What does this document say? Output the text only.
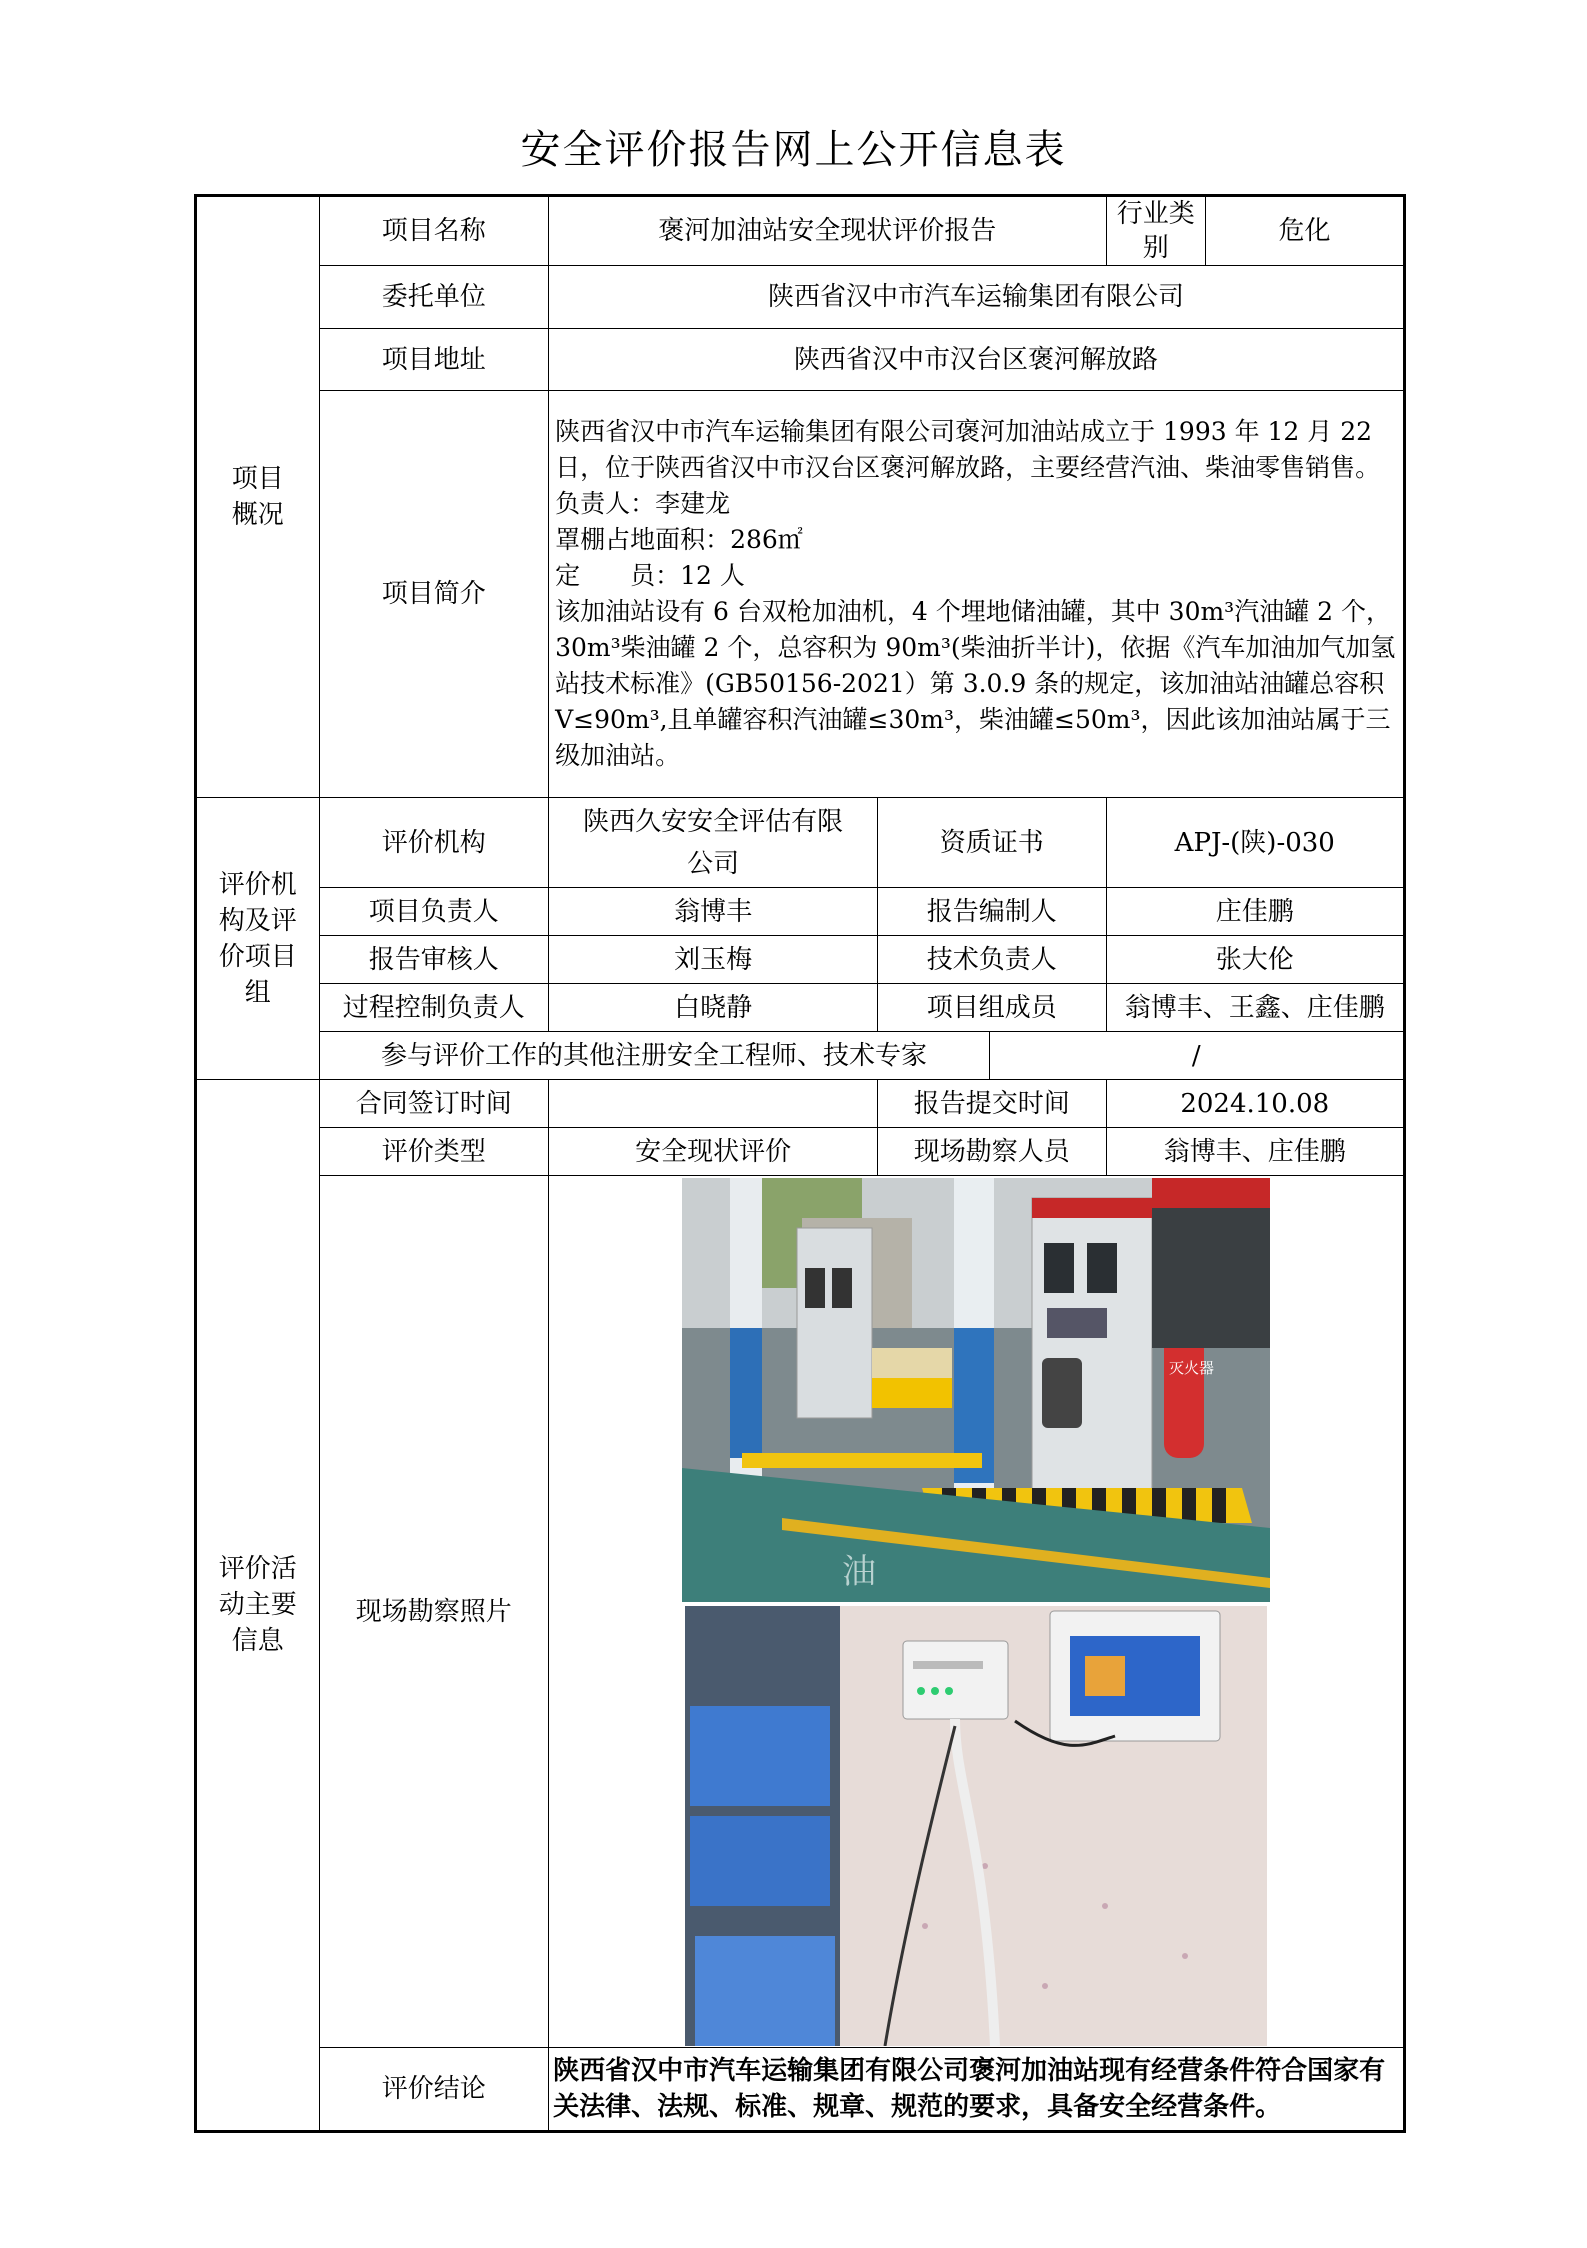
安全评价报告网上公开信息表
项目
概况	项目名称	褒河加油站安全现状评价报告			行业类别	危化
	委托单位	陕西省汉中市汽车运输集团有限公司				
	项目地址	陕西省汉中市汉台区褒河解放路				
	项目简介	陕西省汉中市汽车运输集团有限公司褒河加油站成立于 1993 年 12 月 22 日，位于陕西省汉中市汉台区褒河解放路，主要经营汽油、柴油零售销售。
负责人：李建龙
罩棚占地面积：286㎡
定　　员：12 人
该加油站设有 6 台双枪加油机，4 个埋地储油罐，其中 30m³汽油罐 2 个，30m³柴油罐 2 个，总容积为 90m³(柴油折半计)，依据《汽车加油加气加氢站技术标准》(GB50156-2021）第 3.0.9 条的规定，该加油站油罐总容积 V≤90m³,且单罐容积汽油罐≤30m³，柴油罐≤50m³，因此该加油站属于三级加油站。				

评价机
构及评
价项目
组	评价机构	陕西久安安全评估有限公司	资质证书		APJ-(陕)-030	
	项目负责人	翁博丰	报告编制人		庄佳鹏	
	报告审核人	刘玉梅	技术负责人		张大伦	
	过程控制负责人	白晓静	项目组成员		翁博丰、王鑫、庄佳鹏	
	参与评价工作的其他注册安全工程师、技术专家			/		
评价活
动主要
信息	合同签订时间		报告提交时间		2024.10.08	
	评价类型	安全现状评价	现场勘察人员		翁博丰、庄佳鹏	
	现场勘察照片	灭火器
油				

	评价结论	陕西省汉中市汽车运输集团有限公司褒河加油站现有经营条件符合国家有关法律、法规、标准、规章、规范的要求，具备安全经营条件。				
